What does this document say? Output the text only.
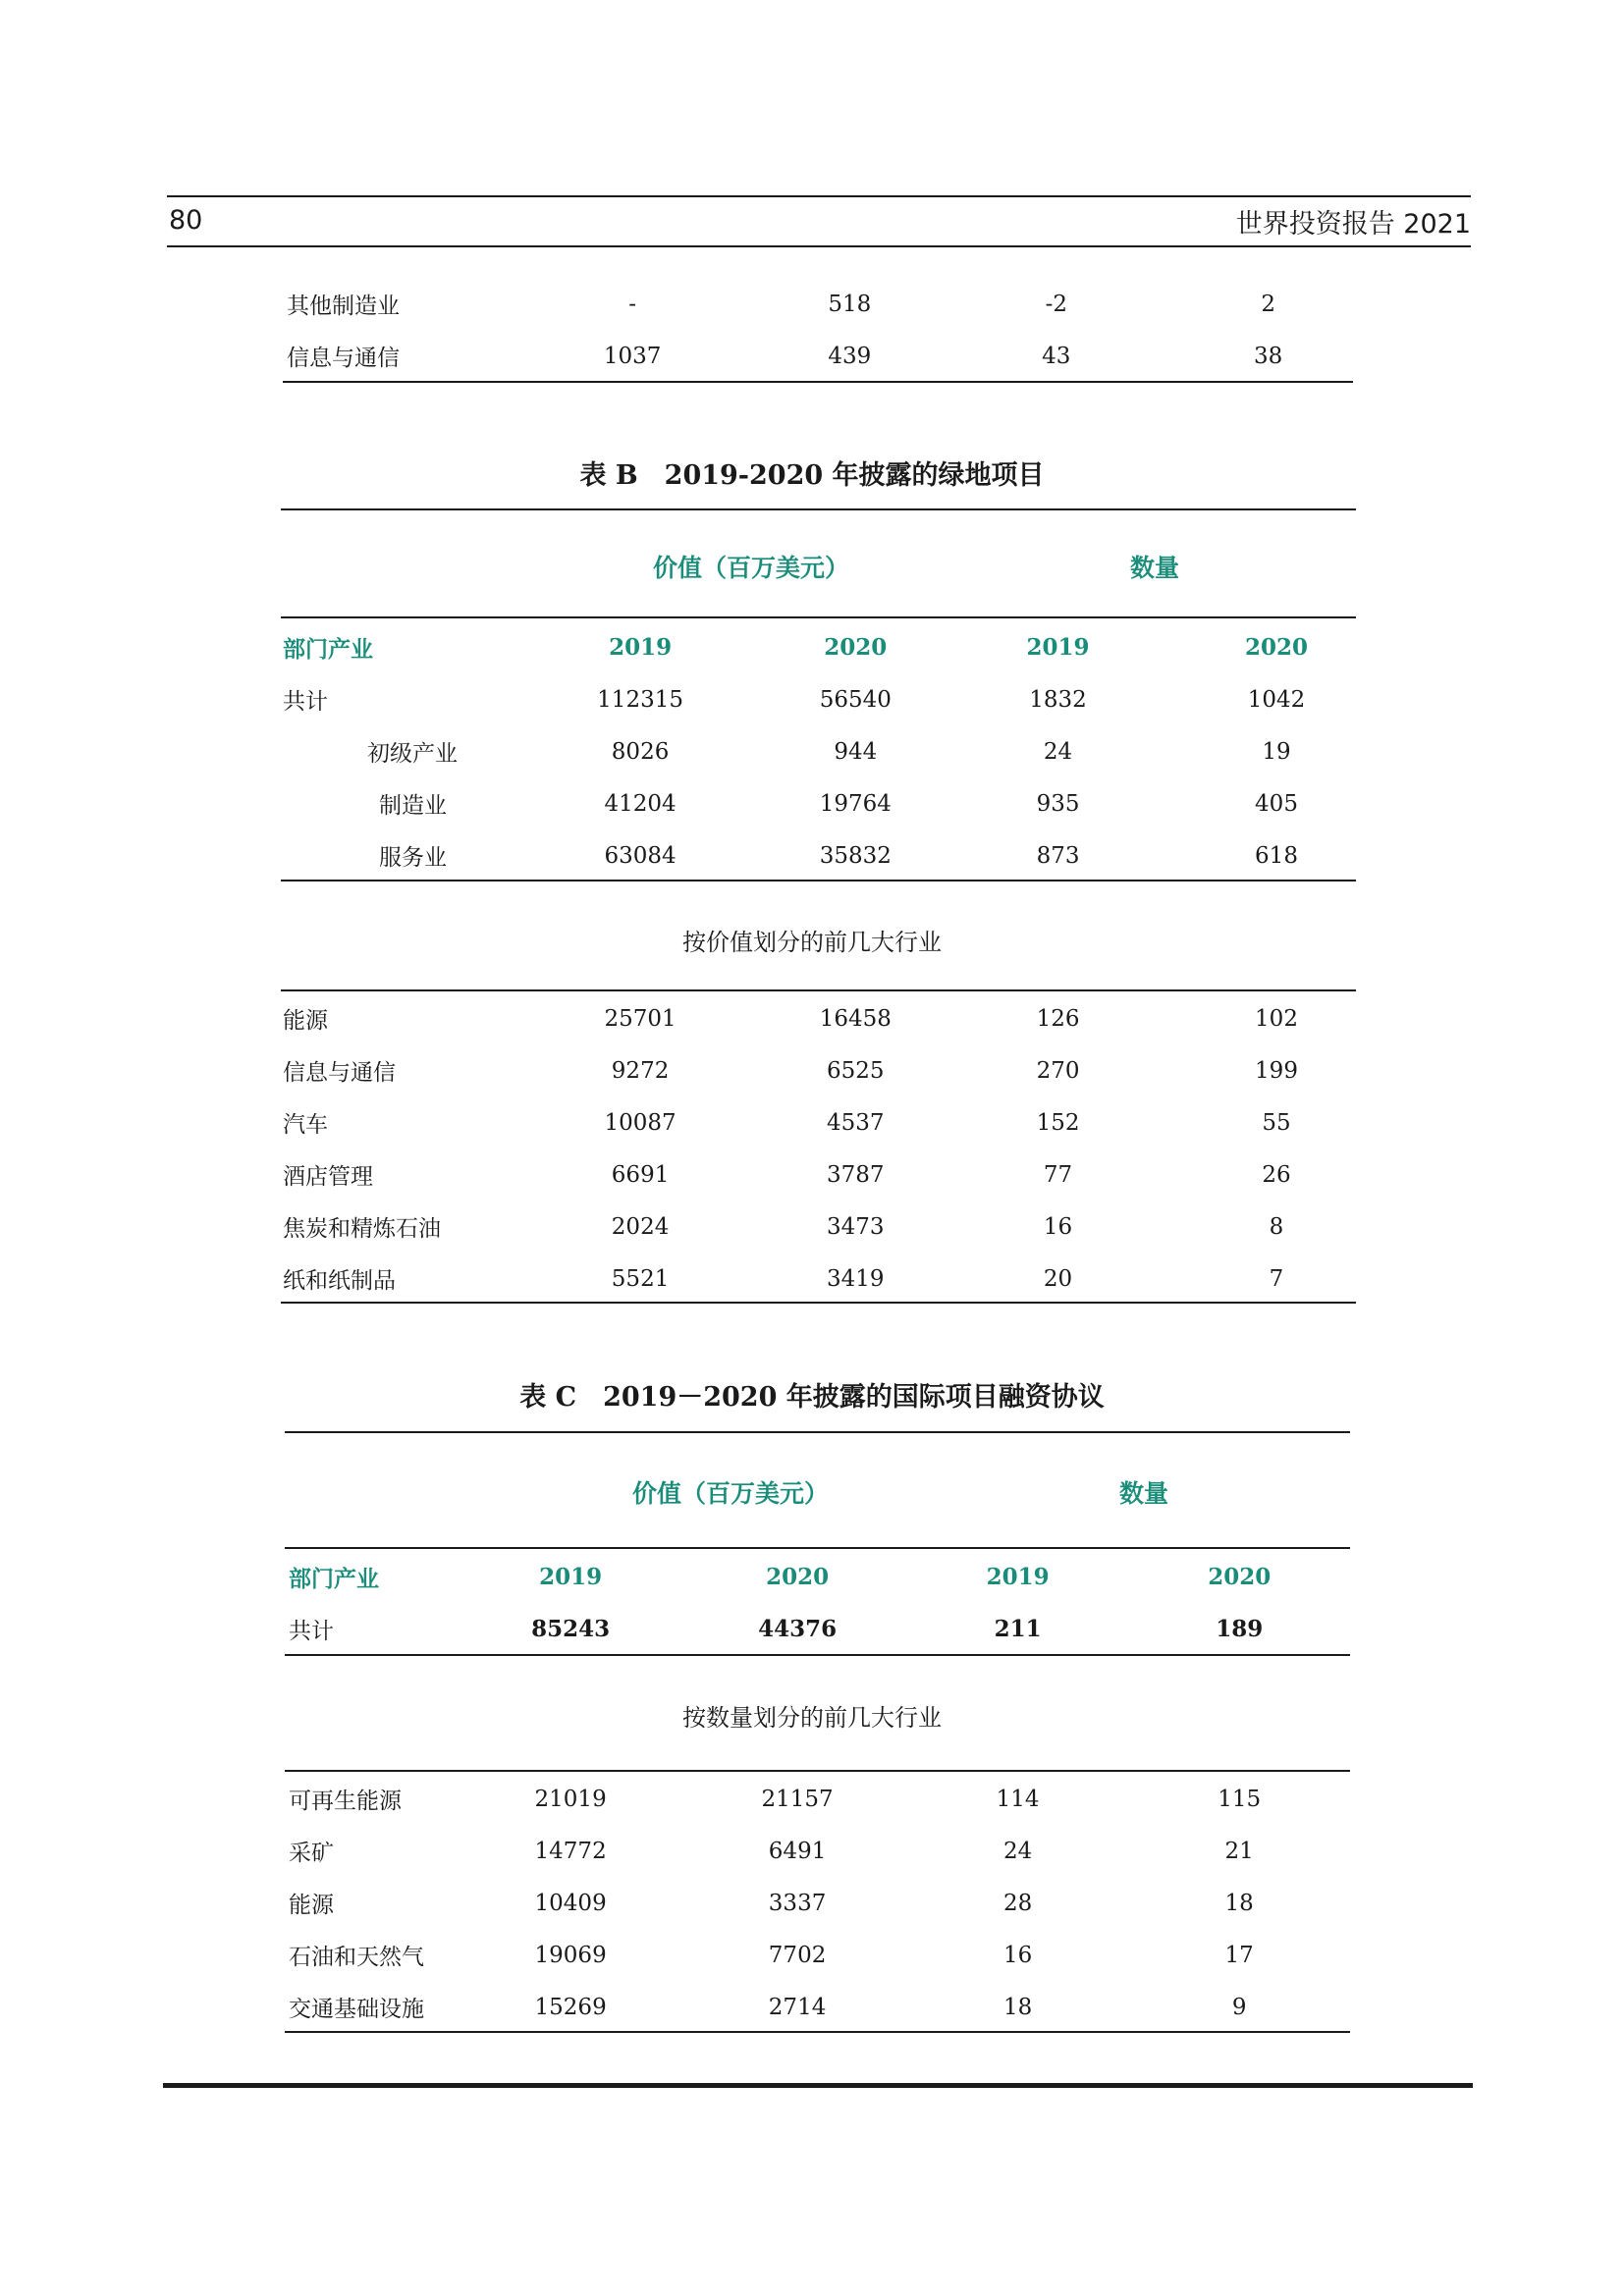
80	世界投资报告 2021
其他制造业	-	518	-2	2
信息与通信	1037	439	43	38
表 B　2019-2020 年披露的绿地项目
价值（百万美元）	数量
部门产业	2019	2020	2019	2020
共计	112315	56540	1832	1042
初级产业	8026	944	24	19
制造业	41204	19764	935	405
服务业	63084	35832	873	618
按价值划分的前几大行业
能源	25701	16458	126	102
信息与通信	9272	6525	270	199
汽车	10087	4537	152	55
酒店管理	6691	3787	77	26
焦炭和精炼石油	2024	3473	16	8
纸和纸制品	5521	3419	20	7
表 C　2019－2020 年披露的国际项目融资协议
价值（百万美元）	数量
部门产业	2019	2020	2019	2020
共计	85243	44376	211	189
按数量划分的前几大行业
可再生能源	21019	21157	114	115
采矿	14772	6491	24	21
能源	10409	3337	28	18
石油和天然气	19069	7702	16	17
交通基础设施	15269	2714	18	9
